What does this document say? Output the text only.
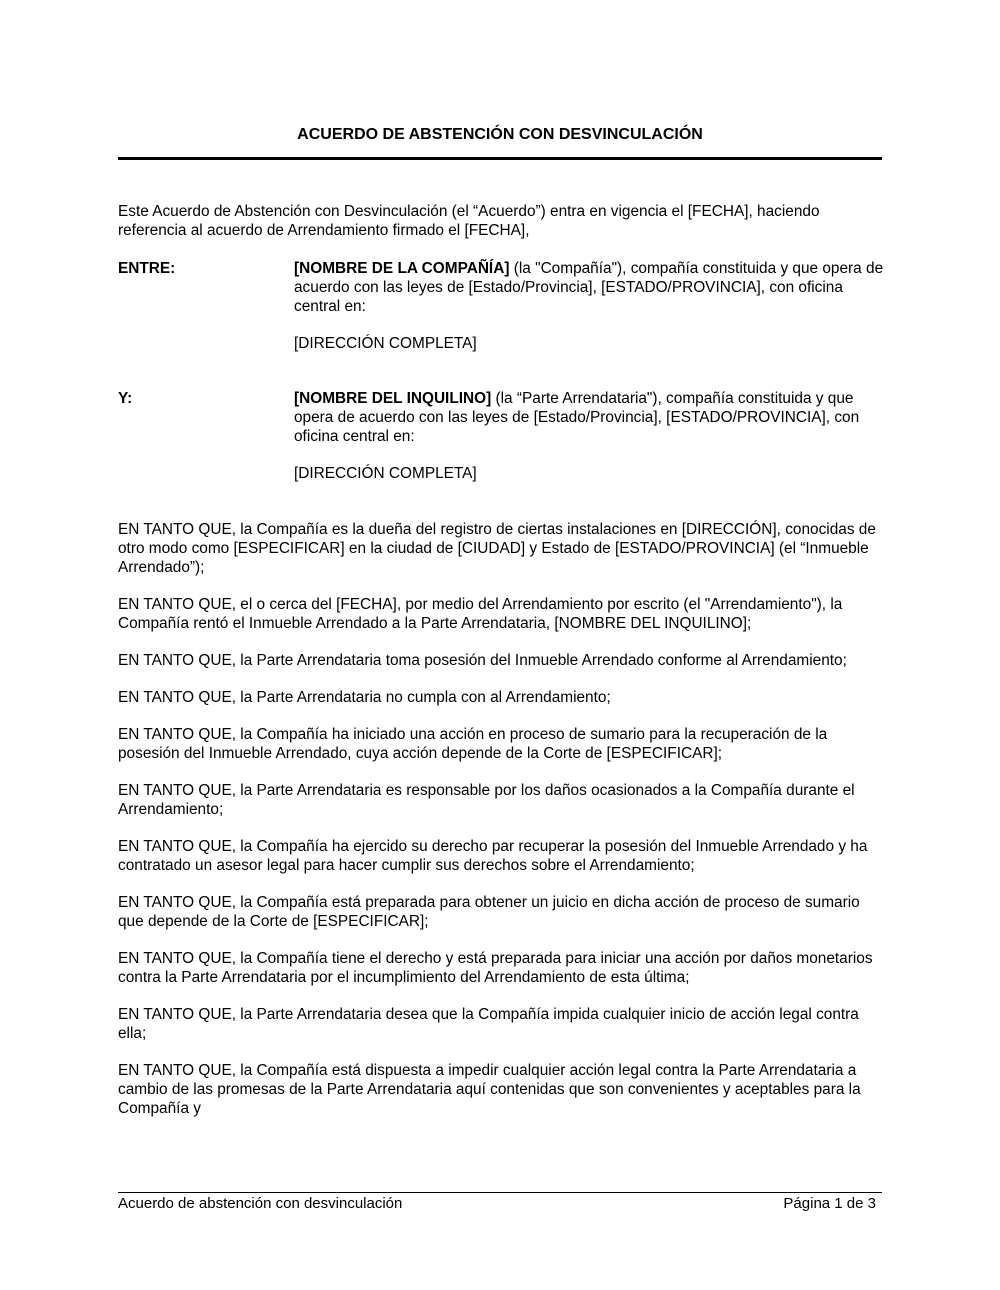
ACUERDO DE ABSTENCIÓN CON DESVINCULACIÓN

Este Acuerdo de Abstención con Desvinculación (el “Acuerdo”) entra en vigencia el [FECHA], haciendo referencia al acuerdo de Arrendamiento firmado el [FECHA],

ENTRE:	[NOMBRE DE LA COMPAÑÍA] (la "Compañía"), compañía constituida y que opera de acuerdo con las leyes de [Estado/Provincia], [ESTADO/PROVINCIA], con oficina central en:
[DIRECCIÓN COMPLETA]
Y:	[NOMBRE DEL INQUILINO] (la “Parte Arrendataria"), compañía constituida y que opera de acuerdo con las leyes de [Estado/Provincia], [ESTADO/PROVINCIA], con oficina central en:
[DIRECCIÓN COMPLETA]

EN TANTO QUE, la Compañía es la dueña del registro de ciertas instalaciones en [DIRECCIÓN], conocidas de otro modo como [ESPECIFICAR] en la ciudad de [CIUDAD] y Estado de [ESTADO/PROVINCIA] (el “Inmueble Arrendado”);

EN TANTO QUE, el o cerca del [FECHA], por medio del Arrendamiento por escrito (el "Arrendamiento"), la Compañía rentó el Inmueble Arrendado a la Parte Arrendataria, [NOMBRE DEL INQUILINO];

EN TANTO QUE, la Parte Arrendataria toma posesión del Inmueble Arrendado conforme al Arrendamiento;

EN TANTO QUE, la Parte Arrendataria no cumpla con al Arrendamiento;

EN TANTO QUE, la Compañía ha iniciado una acción en proceso de sumario para la recuperación de la posesión del Inmueble Arrendado, cuya acción depende de la Corte de [ESPECIFICAR];

EN TANTO QUE, la Parte Arrendataria es responsable por los daños ocasionados a la Compañía durante el Arrendamiento;

EN TANTO QUE, la Compañía ha ejercido su derecho par recuperar la posesión del Inmueble Arrendado y ha contratado un asesor legal para hacer cumplir sus derechos sobre el Arrendamiento;

EN TANTO QUE, la Compañía está preparada para obtener un juicio en dicha acción de proceso de sumario que depende de la Corte de [ESPECIFICAR];

EN TANTO QUE, la Compañía tiene el derecho y está preparada para iniciar una acción por daños monetarios contra la Parte Arrendataria por el incumplimiento del Arrendamiento de esta última;

EN TANTO QUE, la Parte Arrendataria desea que la Compañía impida cualquier inicio de acción legal contra ella;

EN TANTO QUE, la Compañía está dispuesta a impedir cualquier acción legal contra la Parte Arrendataria a cambio de las promesas de la Parte Arrendataria aquí contenidas que son convenientes y aceptables para la Compañía y

Acuerdo de abstención con desvinculación	Página 1 de 3
